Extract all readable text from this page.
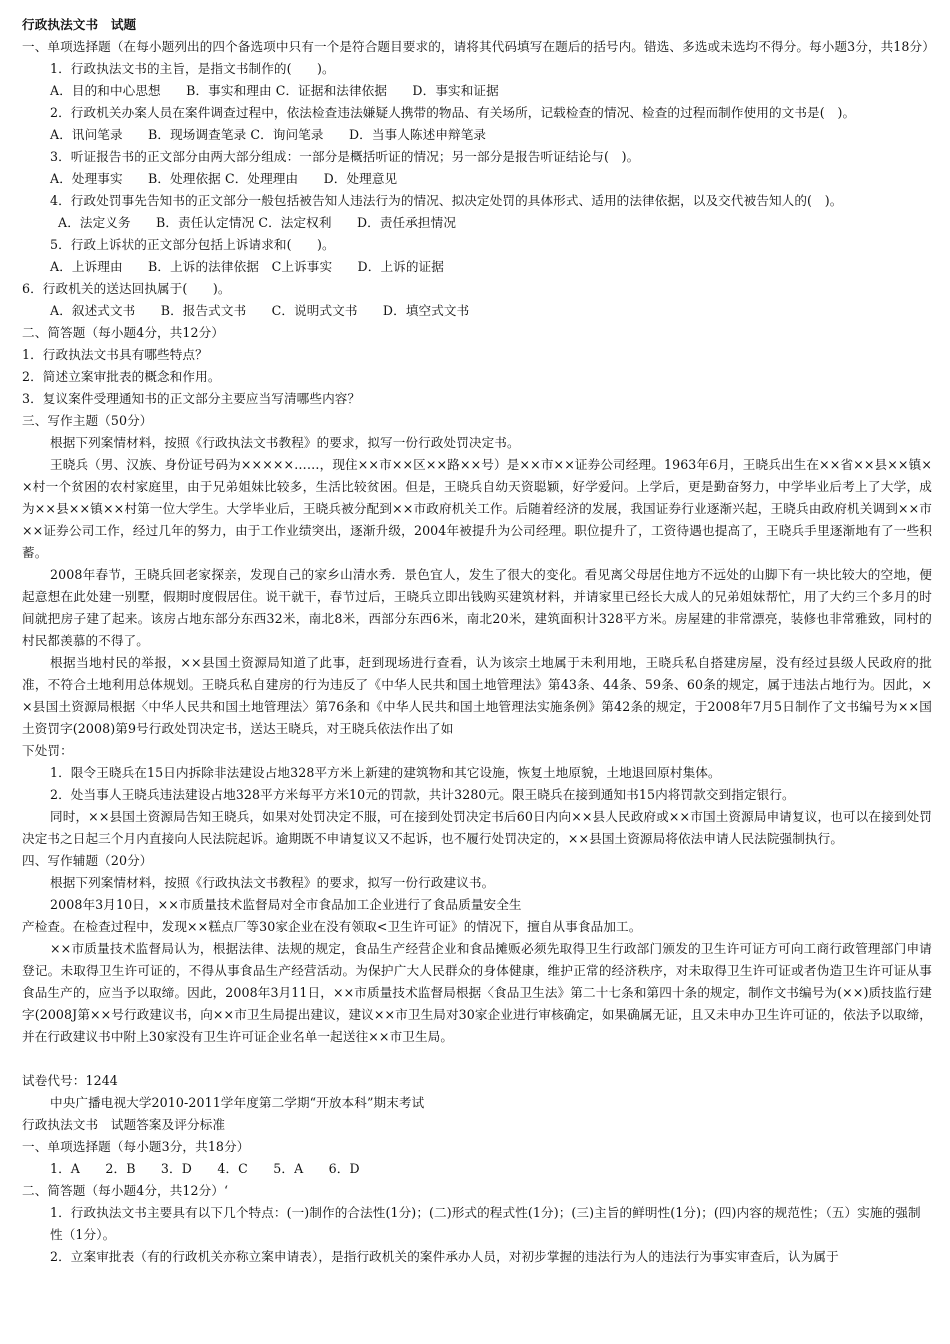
行政执法文书　试题

一、单项选择题（在每小题列出的四个备选项中只有一个是符合题目要求的，请将其代码填写在题后的括号内。错选、多选或未选均不得分。每小题3分，共18分）

1．行政执法文书的主旨，是指文书制作的(　　)。

A．目的和中心思想　　B．事实和理由 C．证据和法律依据　　D．事实和证据

2．行政机关办案人员在案件调查过程中，依法检查违法嫌疑人携带的物品、有关场所，记载检查的情况、检查的过程而制作使用的文书是(　)。

A．讯问笔录　　B．现场调查笔录 C．询问笔录　　D．当事人陈述申辩笔录

3．听证报告书的正文部分由两大部分组成：一部分是概括听证的情况；另一部分是报告听证结论与(　)。

A．处理事实　　B．处理依据 C．处理理由　　D．处理意见

4．行政处罚事先告知书的正文部分一般包括被告知人违法行为的情况、拟决定处罚的具体形式、适用的法律依据，以及交代被告知人的(　)。

A．法定义务　　B．责任认定情况 C．法定权利　　D．责任承担情况

5．行政上诉状的正文部分包括上诉请求和(　　)。

A．上诉理由　　B．上诉的法律依据　C上诉事实　　D．上诉的证据

6．行政机关的送达回执属于(　　)。

A．叙述式文书　　B．报告式文书　　C．说明式文书　　D．填空式文书

二、简答题（每小题4分，共12分）

1．行政执法文书具有哪些特点？

2．简述立案审批表的概念和作用。

3．复议案件受理通知书的正文部分主要应当写清哪些内容？

三、写作主题（50分）

根据下列案情材料，按照《行政执法文书教程》的要求，拟写一份行政处罚决定书。

王晓兵（男、汉族、身份证号码为×××××……，现住××市××区××路××号）是××市××证券公司经理。1963年6月，王晓兵出生在××省××县××镇××村一个贫困的农村家庭里，由于兄弟姐妹比较多，生活比较贫困。但是，王晓兵自幼天资聪颖，好学爱问。上学后，更是勤奋努力，中学毕业后考上了大学，成为××县××镇××村第一位大学生。大学毕业后，王晓兵被分配到××市政府机关工作。后随着经济的发展，我国证券行业逐渐兴起，王晓兵由政府机关调到××市××证券公司工作，经过几年的努力，由于工作业绩突出，逐渐升级，2004年被提升为公司经理。职位提升了，工资待遇也提高了，王晓兵手里逐渐地有了一些积蓄。

2008年春节，王晓兵回老家探亲，发现自己的家乡山清水秀．景色宜人，发生了很大的变化。看见离父母居住地方不远处的山脚下有一块比较大的空地，便起意想在此处建一别墅，假期时度假居住。说干就干，春节过后，王晓兵立即出钱购买建筑材料，并请家里已经长大成人的兄弟姐妹帮忙，用了大约三个多月的时间就把房子建了起来。该房占地东部分东西32米，南北8米，西部分东西6米，南北20米，建筑面积计328平方米。房屋建的非常漂亮，装修也非常雅致，同村的村民都羡慕的不得了。

根据当地村民的举报，××县国土资源局知道了此事，赶到现场进行查看，认为该宗土地属于未利用地，王晓兵私自搭建房屋，没有经过县级人民政府的批准，不符合土地利用总体规划。王晓兵私自建房的行为违反了《中华人民共和国土地管理法》第43条、44条、59条、60条的规定，属于违法占地行为。因此，××县国土资源局根据〈中华人民共和国土地管理法〉第76条和《中华人民共和国土地管理法实施条例》第42条的规定，于2008年7月5日制作了文书编号为××国土资罚字(2008)第9号行政处罚决定书，送达王晓兵，对王晓兵依法作出了如

下处罚：

1．限令王晓兵在15日内拆除非法建设占地328平方米上新建的建筑物和其它设施，恢复土地原貌，土地退回原村集体。

2．处当事人王晓兵违法建设占地328平方米每平方米10元的罚款，共计3280元。限王晓兵在接到通知书15内将罚款交到指定银行。

同时，××县国土资源局告知王晓兵，如果对处罚决定不服，可在接到处罚决定书后60日内向××县人民政府或××市国土资源局申请复议，也可以在接到处罚决定书之日起三个月内直接向人民法院起诉。逾期既不申请复议又不起诉，也不履行处罚决定的，××县国土资源局将依法申请人民法院强制执行。

四、写作辅题（20分）

根据下列案情材料，按照《行政执法文书教程》的要求，拟写一份行政建议书。

2008年3月10日，××市质量技术监督局对全市食品加工企业进行了食品质量安全生

产检查。在检查过程中，发现××糕点厂等30家企业在没有领取<卫生许可证》的情况下，擅自从事食品加工。

××市质量技术监督局认为，根据法律、法规的规定，食品生产经营企业和食品摊贩必须先取得卫生行政部门颁发的卫生许可证方可向工商行政管理部门申请登记。未取得卫生许可证的，不得从事食品生产经营活动。为保护广大人民群众的身体健康，维护正常的经济秩序，对未取得卫生许可证或者伪造卫生许可证从事食品生产的，应当予以取缔。因此，2008年3月11日，××市质量技术监督局根据〈食品卫生法》第二十七条和第四十条的规定，制作文书编号为(××)质技监行建字(2008J第××号行政建议书，向××市卫生局提出建议，建议××市卫生局对30家企业进行审核确定，如果确属无证，且又未申办卫生许可证的，依法予以取缔，并在行政建议书中附上30家没有卫生许可证企业名单一起送往××市卫生局。

试卷代号：1244

中央广播电视大学2010-2011学年度第二学期“开放本科”期末考试

行政执法文书　试题答案及评分标准

一、单项选择题（每小题3分，共18分）

1．A　　2．B　　3．D　　4．C　　5．A　　6．D

二、简答题（每小题4分，共12分）‘

1．行政执法文书主要具有以下几个特点：(一)制作的合法性(1分)；(二)形式的程式性(1分)；(三)主旨的鲜明性(1分)；(四)内容的规范性；（五）实施的强制性（1分）。

2．立案审批表（有的行政机关亦称立案申请表），是指行政机关的案件承办人员，对初步掌握的违法行为人的违法行为事实审查后，认为属于
